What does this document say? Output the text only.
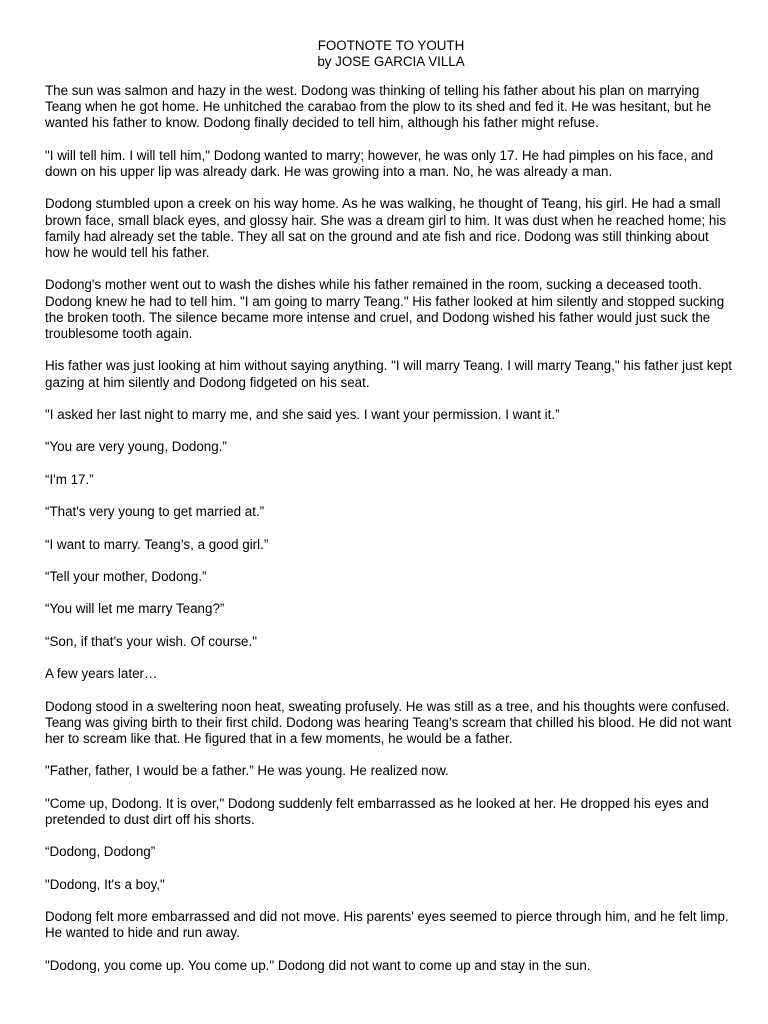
FOOTNOTE TO YOUTH
by JOSE GARCIA VILLA

The sun was salmon and hazy in the west. Dodong was thinking of telling his father about his plan on marrying Teang when he got home. He unhitched the carabao from the plow to its shed and fed it. He was hesitant, but he wanted his father to know. Dodong finally decided to tell him, although his father might refuse.

"I will tell him. I will tell him," Dodong wanted to marry; however, he was only 17. He had pimples on his face, and down on his upper lip was already dark. He was growing into a man. No, he was already a man.

Dodong stumbled upon a creek on his way home. As he was walking, he thought of Teang, his girl. He had a small brown face, small black eyes, and glossy hair. She was a dream girl to him. It was dust when he reached home; his family had already set the table. They all sat on the ground and ate fish and rice. Dodong was still thinking about how he would tell his father.

Dodong's mother went out to wash the dishes while his father remained in the room, sucking a deceased tooth. Dodong knew he had to tell him. "I am going to marry Teang." His father looked at him silently and stopped sucking the broken tooth. The silence became more intense and cruel, and Dodong wished his father would just suck the troublesome tooth again.

His father was just looking at him without saying anything. "I will marry Teang. I will marry Teang," his father just kept gazing at him silently and Dodong fidgeted on his seat.

"I asked her last night to marry me, and she said yes. I want your permission. I want it.”

“You are very young, Dodong.”

“I'm 17.”

“That's very young to get married at.”

“I want to marry. Teang’s, a good girl.”

“Tell your mother, Dodong.”

“You will let me marry Teang?”

“Son, if that's your wish. Of course."

A few years later…

Dodong stood in a sweltering noon heat, sweating profusely. He was still as a tree, and his thoughts were confused. Teang was giving birth to their first child. Dodong was hearing Teang’s scream that chilled his blood. He did not want her to scream like that. He figured that in a few moments, he would be a father.

"Father, father, I would be a father.” He was young. He realized now.

"Come up, Dodong. It is over," Dodong suddenly felt embarrassed as he looked at her. He dropped his eyes and pretended to dust dirt off his shorts.

“Dodong, Dodong”

"Dodong, It's a boy,"

Dodong felt more embarrassed and did not move. His parents' eyes seemed to pierce through him, and he felt limp. He wanted to hide and run away.

"Dodong, you come up. You come up." Dodong did not want to come up and stay in the sun.
